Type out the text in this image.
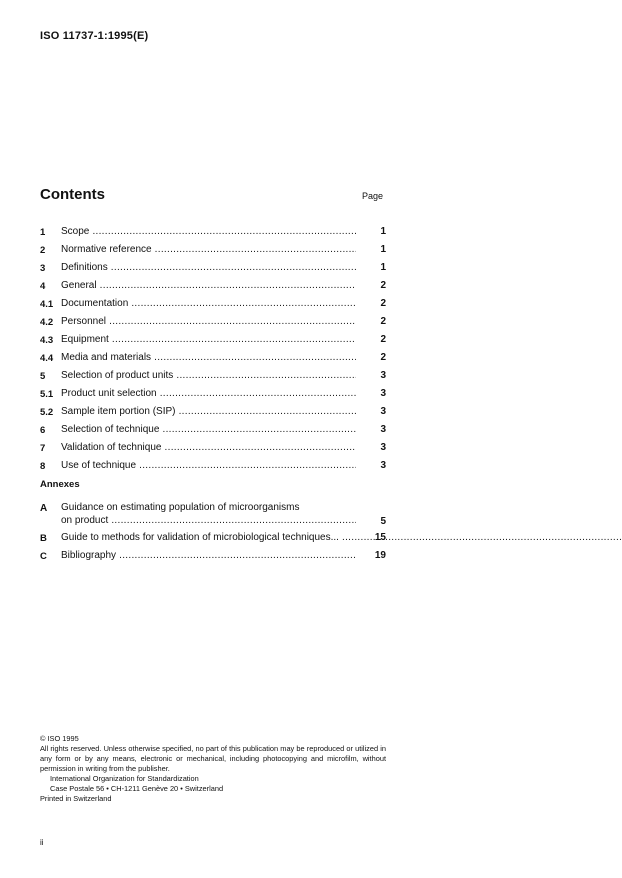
ISO 11737-1:1995(E)
Contents	Page
1 Scope .....	1
2 Normative reference .....	1
3 Definitions .....	1
4 General .....	2
4.1 Documentation .....	2
4.2 Personnel .....	2
4.3 Equipment .....	2
4.4 Media and materials .....	2
5 Selection of product units .....	3
5.1 Product unit selection .....	3
5.2 Sample item portion (SIP) .....	3
6 Selection of technique .....	3
7 Validation of technique .....	3
8 Use of technique .....	3
Annexes
A Guidance on estimating population of microorganisms
on product .....	5
B Guide to methods for validation of microbiological techniques... .....	15
C Bibliography .....	19
© ISO 1995
All rights reserved. Unless otherwise specified, no part of this publication may be reproduced or utilized in any form or by any means, electronic or mechanical, including photocopying and microfilm, without permission in writing from the publisher.
International Organization for Standardization
Case Postale 56 • CH-1211 Genève 20 • Switzerland
Printed in Switzerland
ii
